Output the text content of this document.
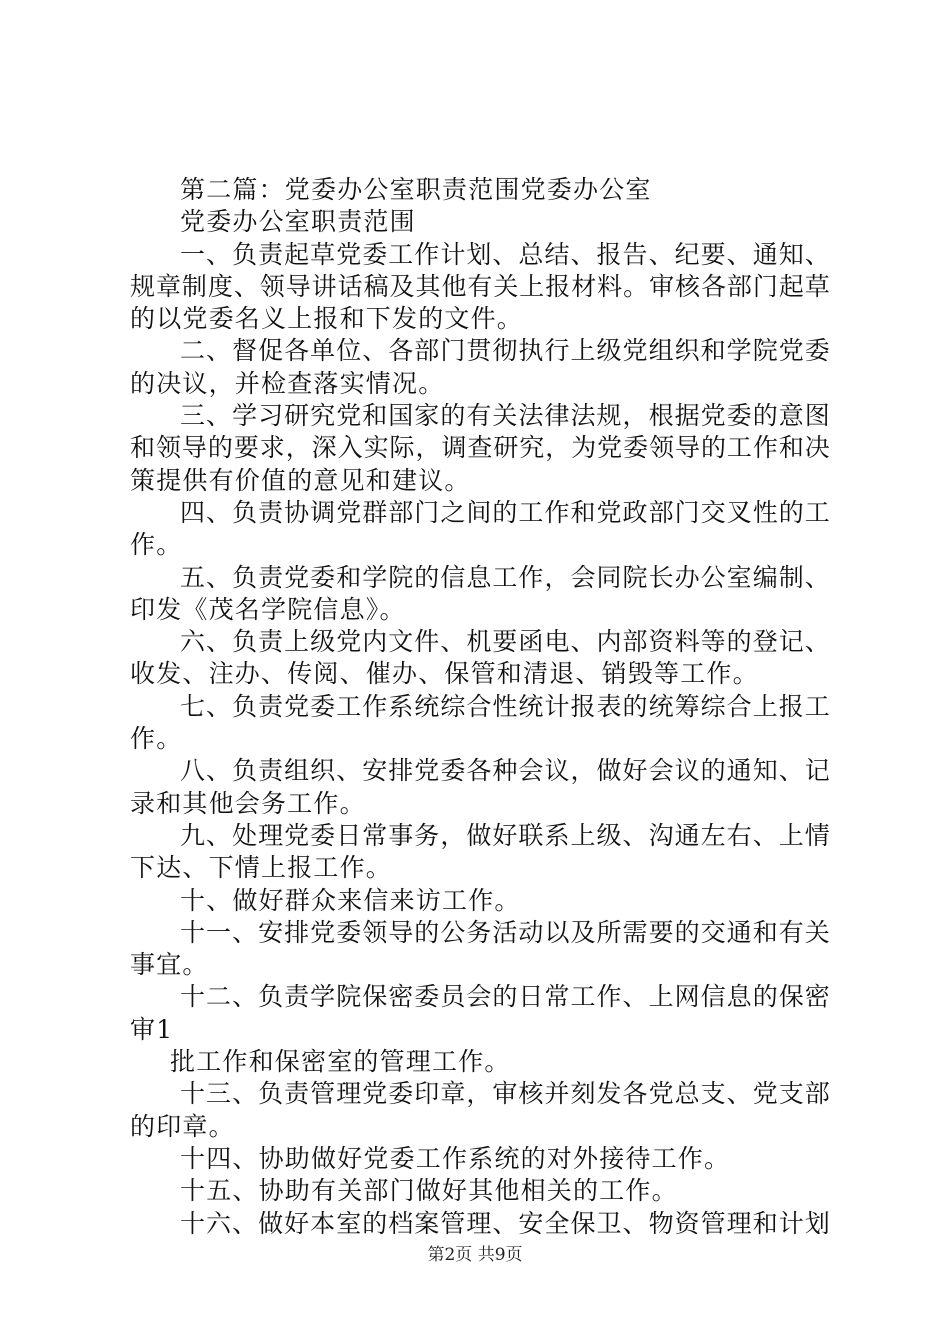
第二篇：党委办公室职责范围党委办公室
党委办公室职责范围
一 、 负 责 起 草 党 委 工 作 计 划 、 总 结 、 报 告 、 纪 要 、 通 知 、
规 章 制 度 、 领 导 讲 话 稿 及 其 他 有 关 上 报 材 料 。 审 核 各 部 门 起 草
的以党委名义上报和下发的文件。
二 、 督 促 各 单 位 、 各 部 门 贯 彻 执 行 上 级 党 组 织 和 学 院 党 委
的决议，并检查落实情况。
三 、 学 习 研 究 党 和 国 家 的 有 关 法 律 法 规 ， 根 据 党 委 的 意 图
和 领 导 的 要 求 ， 深 入 实 际 ， 调 查 研 究 ， 为 党 委 领 导 的 工 作 和 决
策提供有价值的意见和建议。
四 、 负 责 协 调 党 群 部 门 之 间 的 工 作 和 党 政 部 门 交 叉 性 的 工
作。
五 、 负 责 党 委 和 学 院 的 信 息 工 作 ， 会 同 院 长 办 公 室 编 制 、
印发《茂名学院信息》。
六 、 负 责 上 级 党 内 文 件 、 机 要 函 电 、 内 部 资 料 等 的 登 记 、
收发、注办、传阅、催办、保管和清退、销毁等工作。
七 、 负 责 党 委 工 作 系 统 综 合 性 统 计 报 表 的 统 筹 综 合 上 报 工
作。
八 、 负 责 组 织 、 安 排 党 委 各 种 会 议 ， 做 好 会 议 的 通 知 、 记
录和其他会务工作。
九 、 处 理 党 委 日 常 事 务 ， 做 好 联 系 上 级 、 沟 通 左 右 、 上 情
下达、下情上报工作。
十、做好群众来信来访工作。
十 一 、 安 排 党 委 领 导 的 公 务 活 动 以 及 所 需 要 的 交 通 和 有 关
事宜。
十 二 、 负 责 学 院 保 密 委 员 会 的 日 常 工 作 、 上 网 信 息 的 保 密
审1
批工作和保密室的管理工作。
十 三 、 负 责 管 理 党 委 印 章 ， 审 核 并 刻 发 各 党 总 支 、 党 支 部
的印章。
十四、协助做好党委工作系统的对外接待工作。
十五、协助有关部门做好其他相关的工作。
十 六 、 做 好 本 室 的 档 案 管 理 、 安 全 保 卫 、 物 资 管 理 和 计 划
第2页 共9页
